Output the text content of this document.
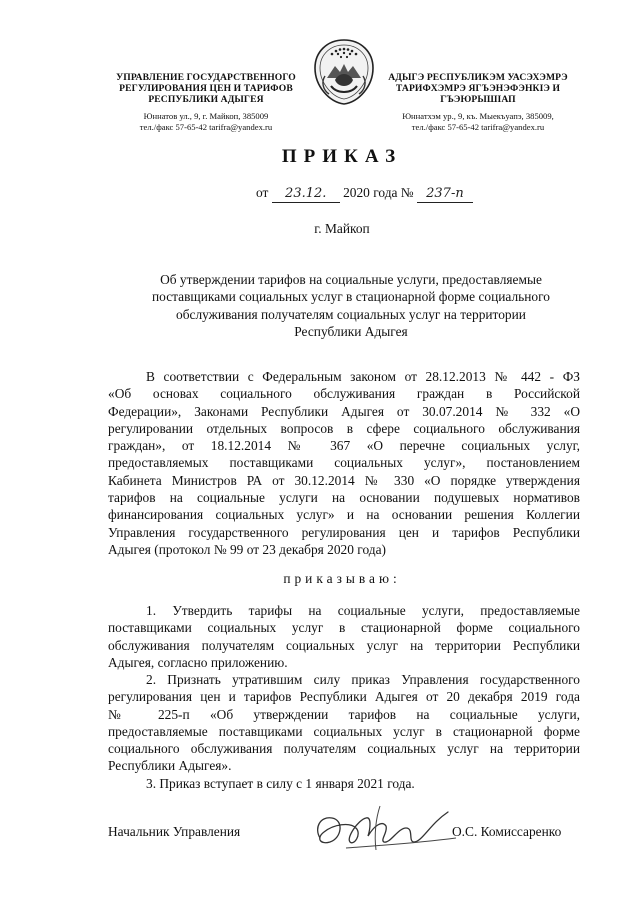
УПРАВЛЕНИЕ ГОСУДАРСТВЕННОГО
РЕГУЛИРОВАНИЯ ЦЕН И ТАРИФОВ
РЕСПУБЛИКИ АДЫГЕЯ
Юннатов ул., 9, г. Майкоп, 385009
тел./факс 57-65-42 tarifra@yandex.ru
АДЫГЭ РЕСПУБЛИКЭМ УАСЭХЭМРЭ
ТАРИФХЭМРЭ ЯГЪЭНЭФЭНКІЭ И
ГЪЭЮРЫШІАП
Юннатхэм ур., 9, къ. Мыекъуапэ, 385009,
тел./факс 57-65-42 tarifra@yandex.ru
ПРИКАЗ
от 23.12. 2020 года № 237-п
г. Майкоп
Об утверждении тарифов на социальные услуги, предоставляемые
поставщиками социальных услуг в стационарной форме социального
обслуживания получателям социальных услуг на территории
Республики Адыгея
В соответствии с Федеральным законом от 28.12.2013 № 442 - ФЗ
«Об основах социального обслуживания граждан в Российской
Федерации», Законами Республики Адыгея от 30.07.2014 № 332 «О
регулировании отдельных вопросов в сфере социального обслуживания
граждан», от 18.12.2014 № 367 «О перечне социальных услуг,
предоставляемых поставщиками социальных услуг», постановлением
Кабинета Министров РА от 30.12.2014 № 330 «О порядке утверждения
тарифов на социальные услуги на основании подушевых нормативов
финансирования социальных услуг» и на основании решения Коллегии
Управления государственного регулирования цен и тарифов Республики
Адыгея (протокол № 99 от 23 декабря 2020 года)
приказываю:
1. Утвердить тарифы на социальные услуги, предоставляемые
поставщиками социальных услуг в стационарной форме социального
обслуживания получателям социальных услуг на территории Республики
Адыгея, согласно приложению.
2. Признать утратившим силу приказ Управления государственного
регулирования цен и тарифов Республики Адыгея от 20 декабря 2019 года
№ 225-п «Об утверждении тарифов на социальные услуги,
предоставляемые поставщиками социальных услуг в стационарной форме
социального обслуживания получателям социальных услуг на территории
Республики Адыгея».
3. Приказ вступает в силу с 1 января 2021 года.
Начальник Управления	О.С. Комиссаренко
